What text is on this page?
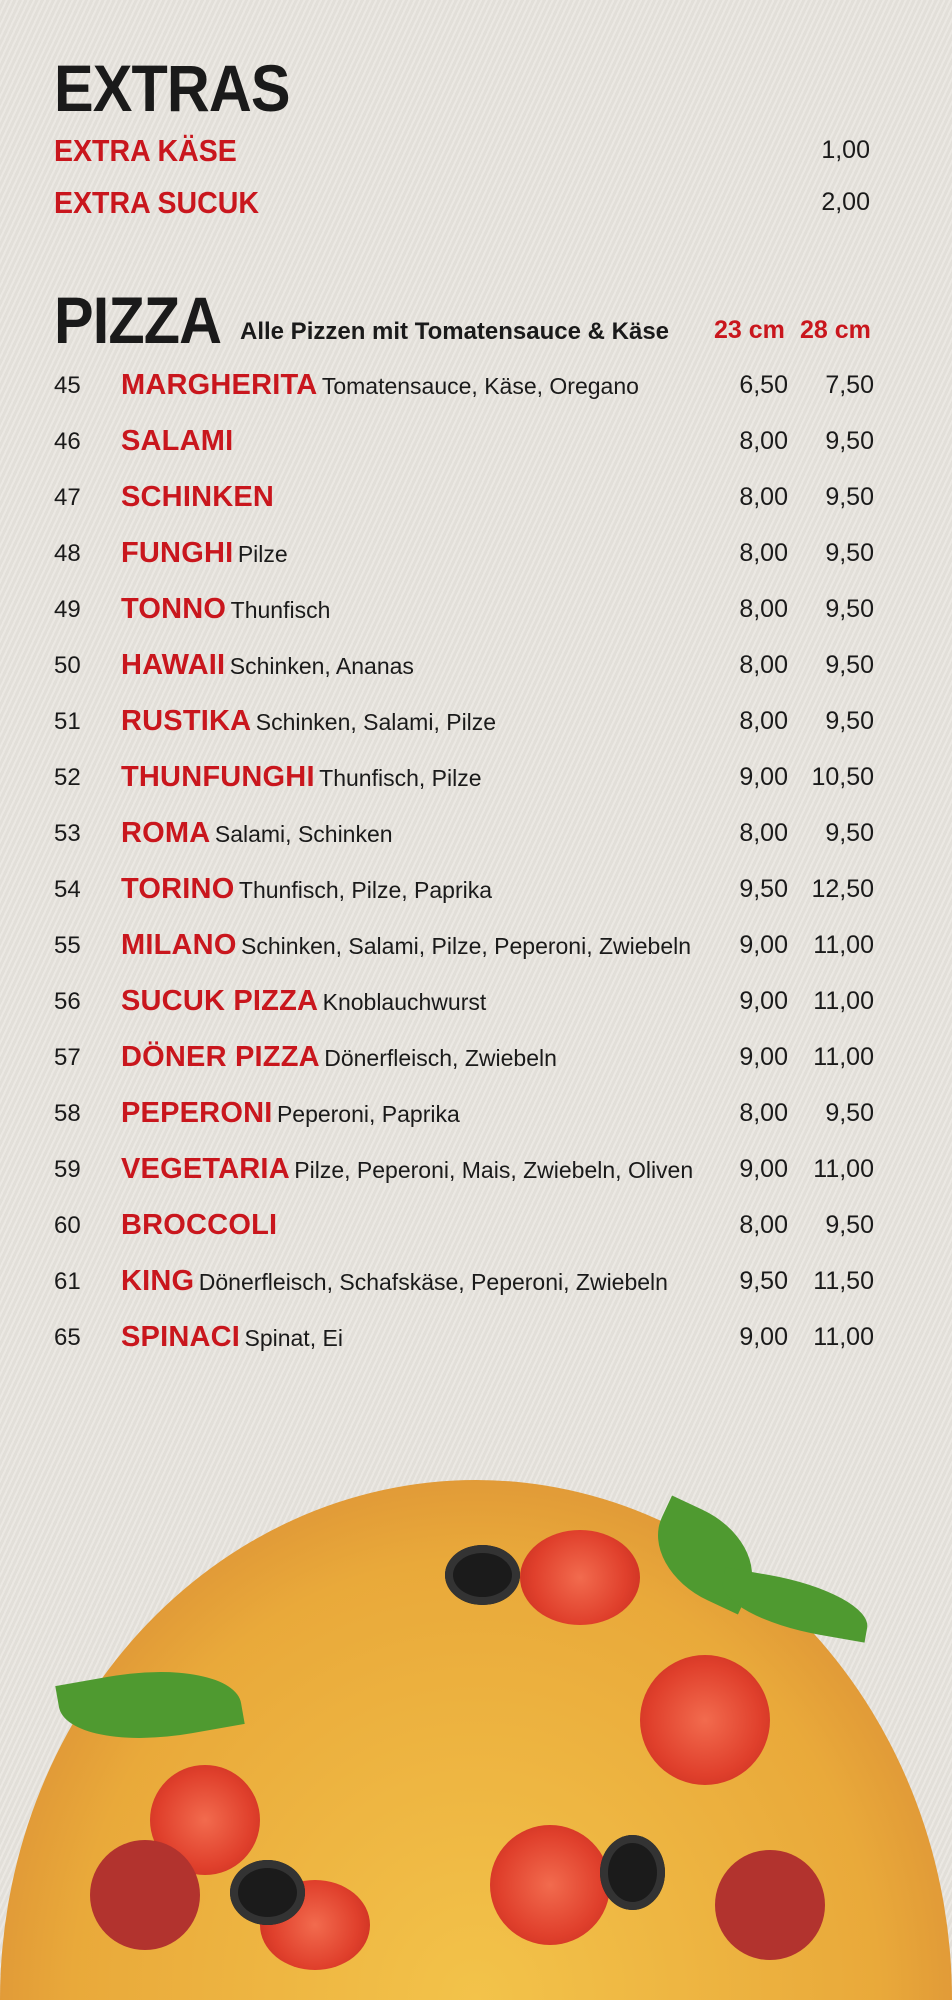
EXTRAS
EXTRA KÄSE	1,00
EXTRA SUCUK	2,00
PIZZA Alle Pizzen mit Tomatensauce & Käse 23 cm 28 cm
45 MARGHERITA Tomatensauce, Käse, Oregano	6,50	7,50
46 SALAMI	8,00	9,50
47 SCHINKEN	8,00	9,50
48 FUNGHI Pilze	8,00	9,50
49 TONNO Thunfisch	8,00	9,50
50 HAWAII Schinken, Ananas	8,00	9,50
51 RUSTIKA Schinken, Salami, Pilze	8,00	9,50
52 THUNFUNGHI Thunfisch, Pilze	9,00 10,50
53 ROMA Salami, Schinken	8,00	9,50
54 TORINO Thunfisch, Pilze, Paprika	9,50 12,50
55 MILANO Schinken, Salami, Pilze, Peperoni, Zwiebeln	9,00	11,00
56 SUCUK PIZZA Knoblauchwurst	9,00	11,00
57 DÖNER PIZZA Dönerfleisch, Zwiebeln	9,00	11,00
58 PEPERONI Peperoni, Paprika	8,00	9,50
59 VEGETARIA Pilze, Peperoni, Mais, Zwiebeln, Oliven	9,00	11,00
60 BROCCOLI	8,00	9,50
61 KING Dönerfleisch, Schafskäse, Peperoni, Zwiebeln	9,50	11,50
65 SPINACI Spinat, Ei	9,00	11,00
